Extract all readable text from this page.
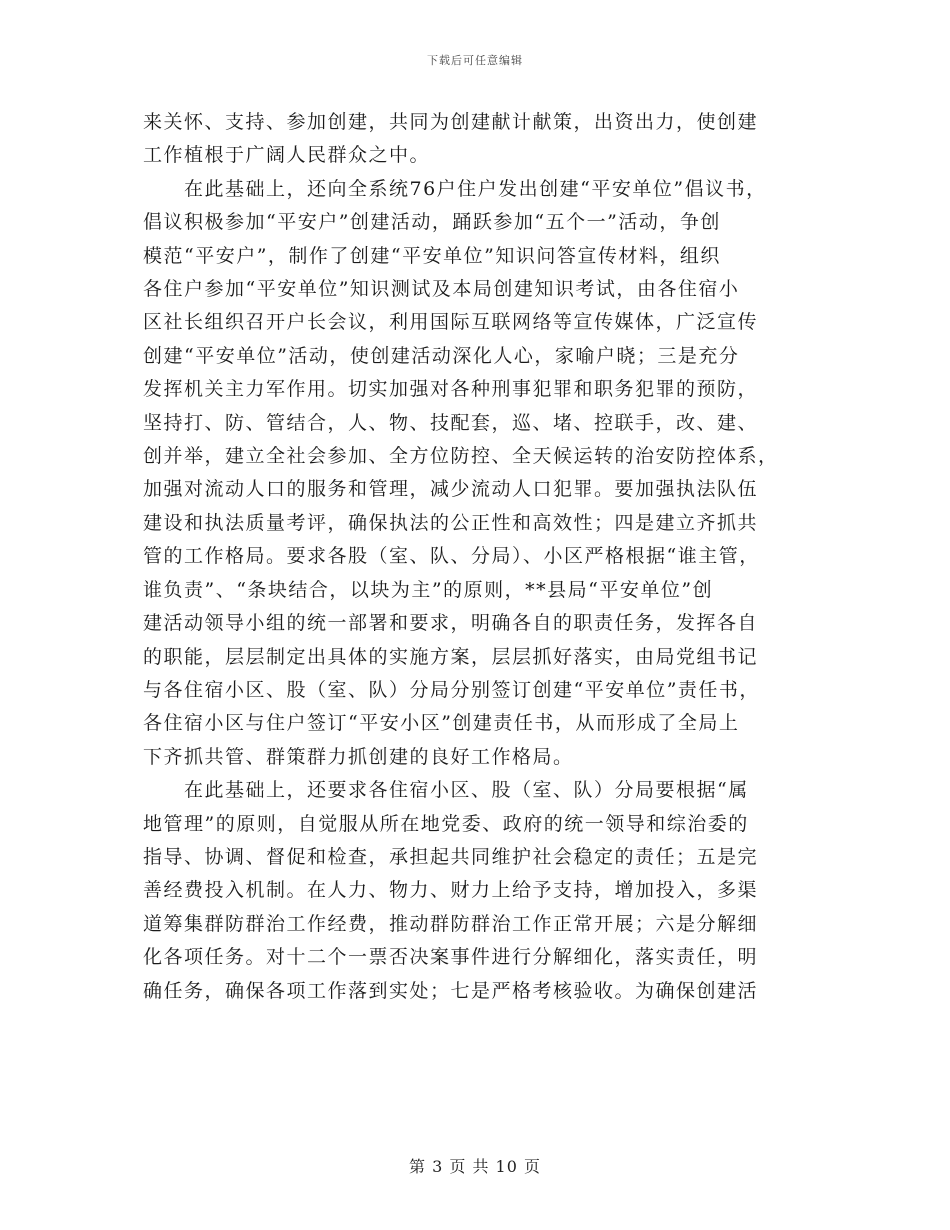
下载后可任意编辑

来关怀、支持、参加创建，共同为创建献计献策，出资出力，使创建
工作植根于广阔人民群众之中。

在此基础上，还向全系统76户住户发出创建“平安单位”倡议书，
倡议积极参加“平安户”创建活动，踊跃参加“五个一”活动，争创
模范“平安户”，制作了创建“平安单位”知识问答宣传材料，组织
各住户参加“平安单位”知识测试及本局创建知识考试，由各住宿小
区社长组织召开户长会议，利用国际互联网络等宣传媒体，广泛宣传
创建“平安单位”活动，使创建活动深化人心，家喻户晓；三是充分
发挥机关主力军作用。切实加强对各种刑事犯罪和职务犯罪的预防，
坚持打、防、管结合，人、物、技配套，巡、堵、控联手，改、建、
创并举，建立全社会参加、全方位防控、全天候运转的治安防控体系，
加强对流动人口的服务和管理，减少流动人口犯罪。要加强执法队伍
建设和执法质量考评，确保执法的公正性和高效性；四是建立齐抓共
管的工作格局。要求各股（室、队、分局）、小区严格根据“谁主管，
谁负责”、“条块结合，以块为主”的原则，**县局“平安单位”创
建活动领导小组的统一部署和要求，明确各自的职责任务，发挥各自
的职能，层层制定出具体的实施方案，层层抓好落实，由局党组书记
与各住宿小区、股（室、队）分局分别签订创建“平安单位”责任书，
各住宿小区与住户签订“平安小区”创建责任书，从而形成了全局上
下齐抓共管、群策群力抓创建的良好工作格局。

在此基础上，还要求各住宿小区、股（室、队）分局要根据“属
地管理”的原则，自觉服从所在地党委、政府的统一领导和综治委的
指导、协调、督促和检查，承担起共同维护社会稳定的责任；五是完
善经费投入机制。在人力、物力、财力上给予支持，增加投入，多渠
道筹集群防群治工作经费，推动群防群治工作正常开展；六是分解细
化各项任务。对十二个一票否决案事件进行分解细化，落实责任，明
确任务，确保各项工作落到实处；七是严格考核验收。为确保创建活

第 3 页 共 10 页
